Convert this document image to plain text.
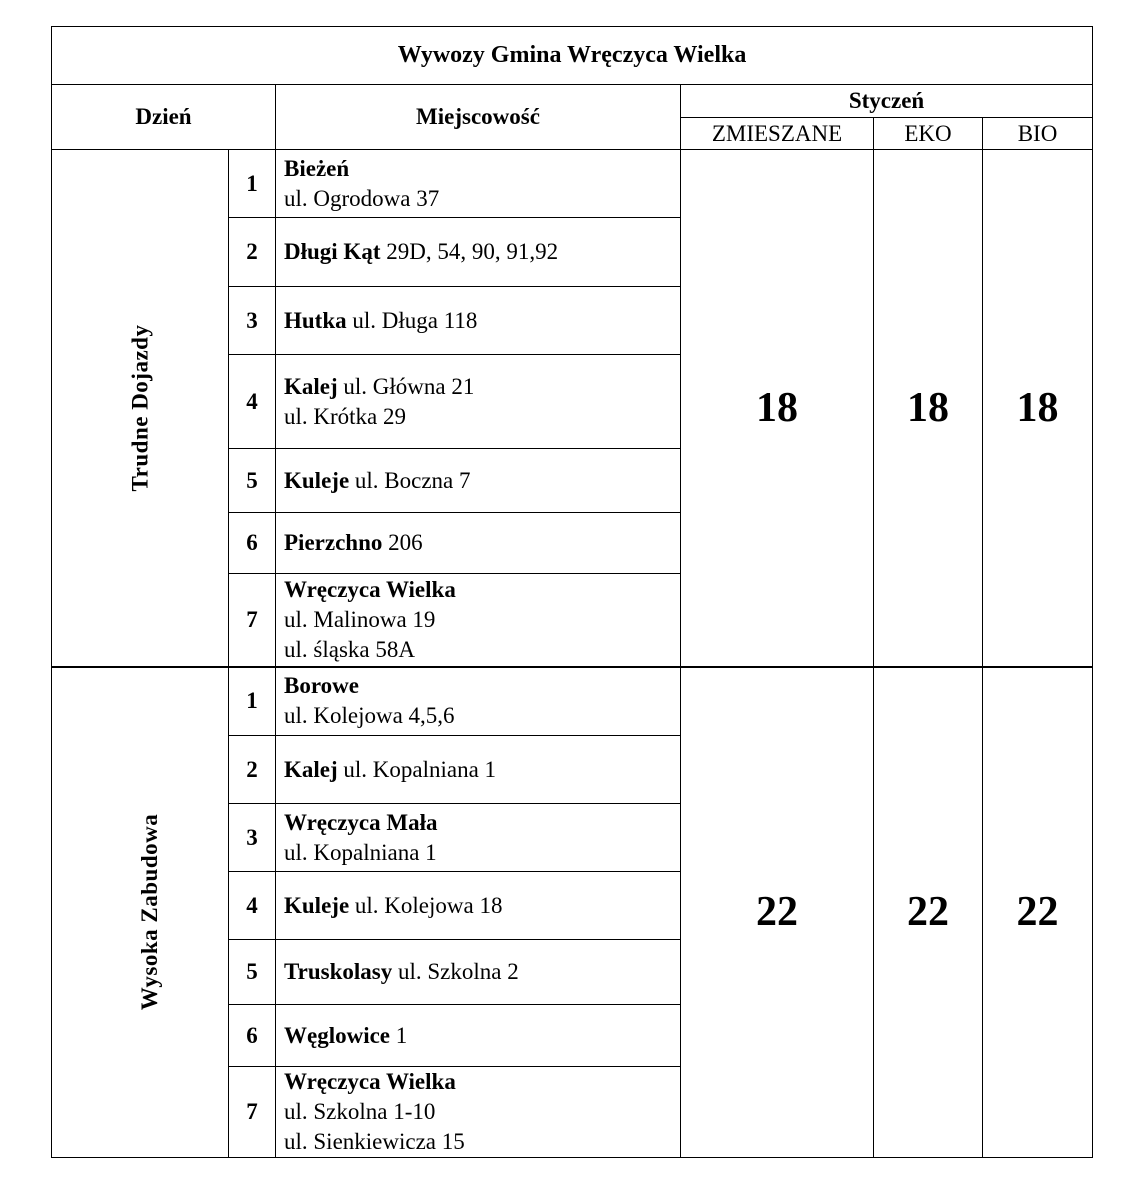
Wywozy Gmina Wręczyca Wielka					
Dzień		Miejscowość	Styczeń		
			ZMIESZANE	EKO	BIO
Trudne Dojazdy	1	Bieżeń
ul. Ogrodowa 37	18	18	18
	2	Długi Kąt 29D, 54, 90, 91,92			

	3	Hutka ul. Długa 118			

	4	Kalej ul. Główna 21
ul. Krótka 29			

	5	Kuleje ul. Boczna 7			

	6	Pierzchno 206			

	7	Wręczyca Wielka
ul. Malinowa 19
ul. śląska 58A			

Wysoka Zabudowa	1	Borowe
ul. Kolejowa 4,5,6	22	22	22
	2	Kalej ul. Kopalniana 1			

	3	Wręczyca Mała
ul. Kopalniana 1			

	4	Kuleje ul. Kolejowa 18			

	5	Truskolasy ul. Szkolna 2			

	6	Węglowice 1			

	7	Wręczyca Wielka
ul. Szkolna 1-10
ul. Sienkiewicza 15			
